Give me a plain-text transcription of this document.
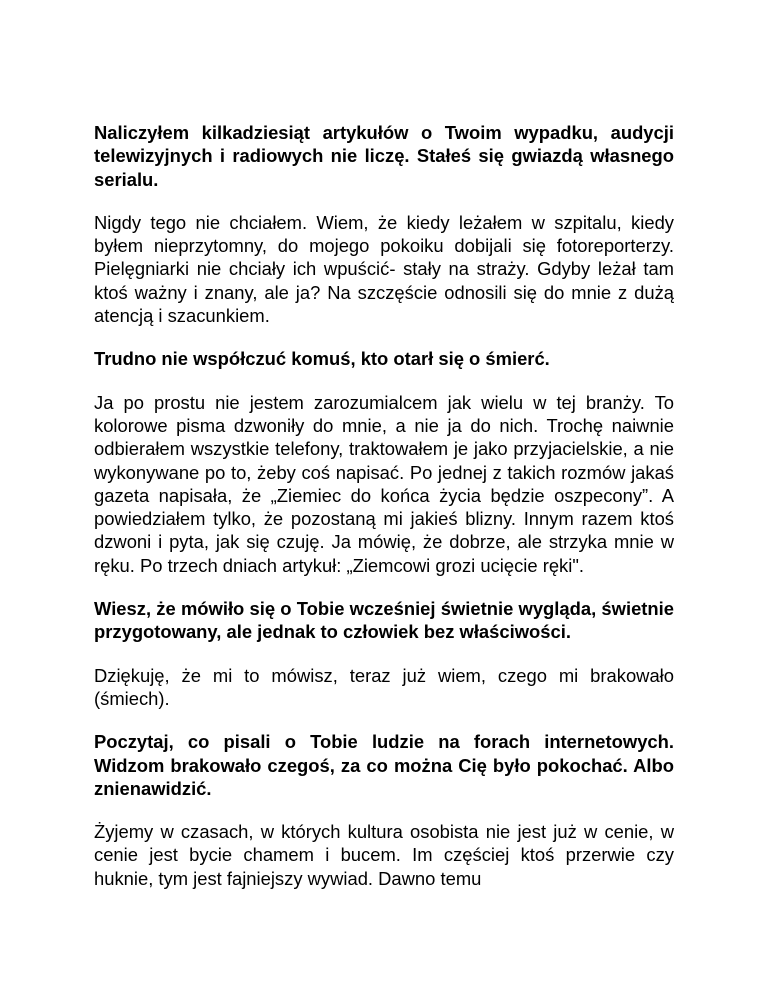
Naliczyłem kilkadziesiąt artykułów o Twoim wypadku, audycji telewizyjnych i radiowych nie liczę. Stałeś się gwiazdą własnego serialu.

Nigdy tego nie chciałem. Wiem, że kiedy leżałem w szpitalu, kiedy byłem nieprzytomny, do mojego pokoiku dobijali się fotoreporterzy. Pielęgniarki nie chciały ich wpuścić- stały na straży. Gdyby leżał tam ktoś ważny i znany, ale ja? Na szczęście odnosili się do mnie z dużą atencją i szacunkiem.

Trudno nie współczuć komuś, kto otarł się o śmierć.

Ja po prostu nie jestem zarozumialcem jak wielu w tej branży. To kolorowe pisma dzwoniły do mnie, a nie ja do nich. Trochę naiwnie odbierałem wszystkie telefony, traktowałem je jako przyjacielskie, a nie wykonywane po to, żeby coś napisać. Po jednej z takich rozmów jakaś gazeta napisała, że „Ziemiec do końca życia będzie oszpecony”. A powiedziałem tylko, że pozostaną mi jakieś blizny. Innym razem ktoś dzwoni i pyta, jak się czuję. Ja mówię, że dobrze, ale strzyka mnie w ręku. Po trzech dniach artykuł: „Ziemcowi grozi ucięcie ręki".

Wiesz, że mówiło się o Tobie wcześniej świetnie wygląda, świetnie przygotowany, ale jednak to człowiek bez właściwości.

Dziękuję, że mi to mówisz, teraz już wiem, czego mi brakowało (śmiech).

Poczytaj, co pisali o Tobie ludzie na forach internetowych. Widzom brakowało czegoś, za co można Cię było pokochać. Albo znienawidzić.

Żyjemy w czasach, w których kultura osobista nie jest już w cenie, w cenie jest bycie chamem i bucem. Im częściej ktoś przerwie czy huknie, tym jest fajniejszy wywiad. Dawno temu
